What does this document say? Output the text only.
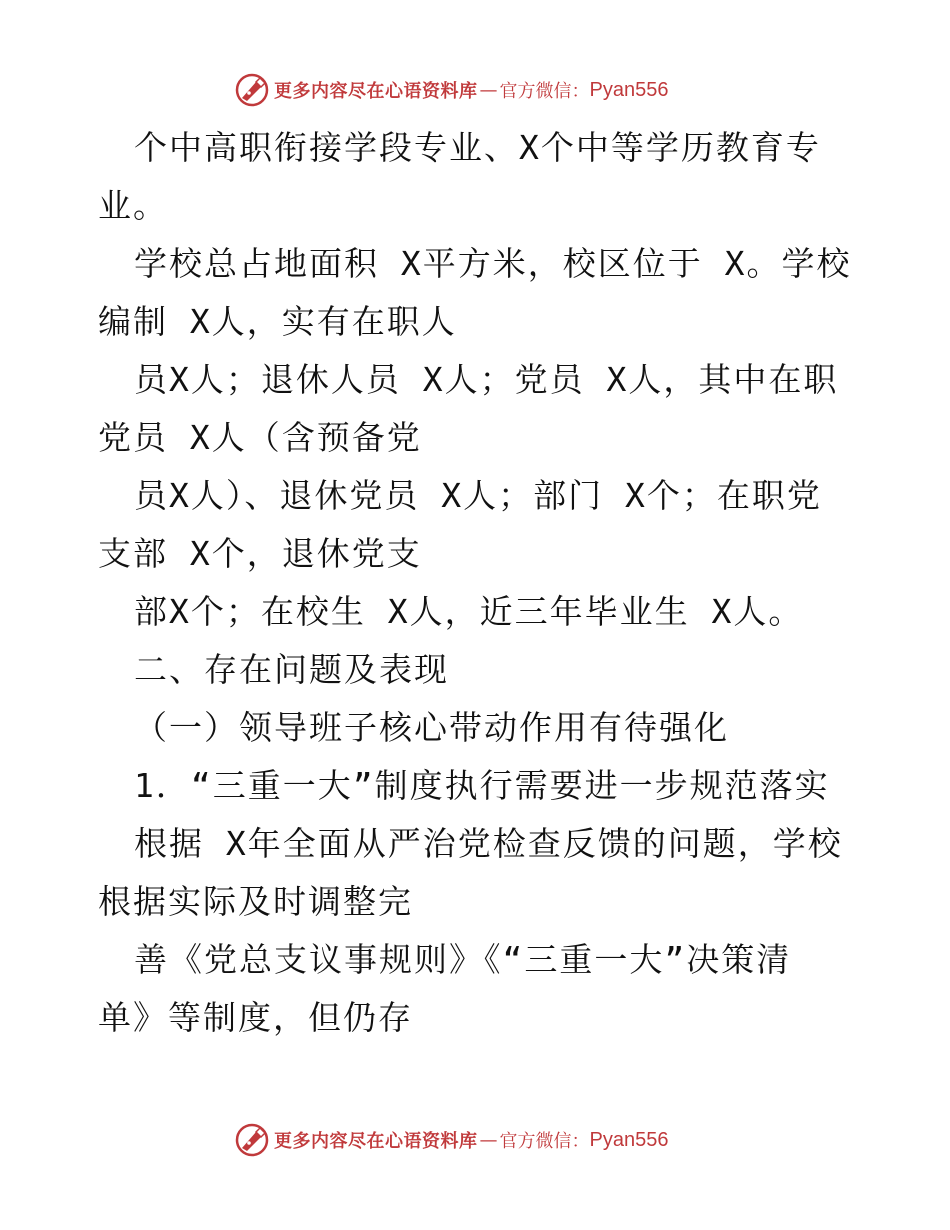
更多内容尽在心语资料库 — 官方微信： Pyan556
个中高职衔接学段专业、X个中等学历教育专
业。
学校总占地面积 X平方米，校区位于 X。学校
编制 X人，实有在职人
员X人；退休人员 X人；党员 X人，其中在职
党员 X人（含预备党
员X人）、退休党员 X人；部门 X个；在职党
支部 X个，退休党支
部X个；在校生 X人，近三年毕业生 X人。
二、存在问题及表现
（一）领导班子核心带动作用有待强化
1．“三重一大”制度执行需要进一步规范落实
根据 X年全面从严治党检查反馈的问题，学校
根据实际及时调整完
善《党总支议事规则》《“三重一大”决策清
单》等制度，但仍存
更多内容尽在心语资料库 — 官方微信： Pyan556
